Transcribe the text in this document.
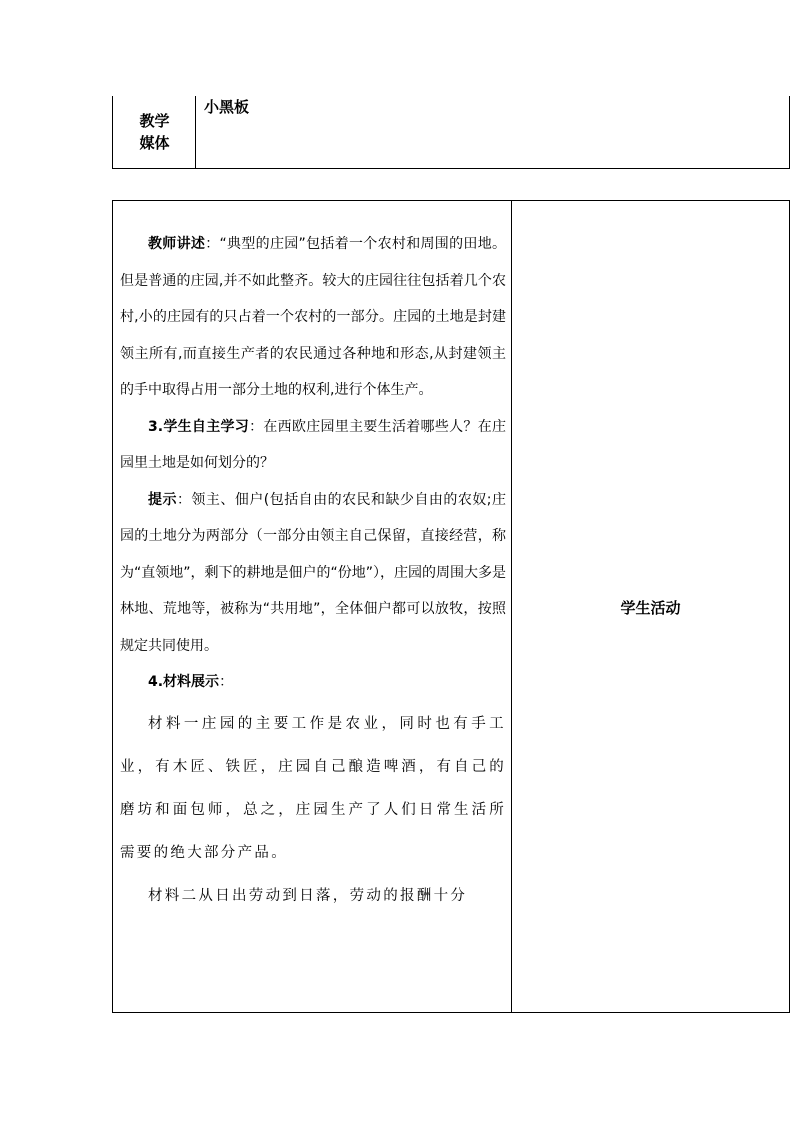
教学
媒体
小黑板

教师讲述：“典型的庄园”包括着一个农村和周围的田地。但是普通的庄园,并不如此整齐。较大的庄园往往包括着几个农村,小的庄园有的只占着一个农村的一部分。庄园的土地是封建领主所有,而直接生产者的农民通过各种地和形态,从封建领主的手中取得占用一部分土地的权利,进行个体生产。

3.学生自主学习：在西欧庄园里主要生活着哪些人？在庄园里土地是如何划分的？

提示：领主、佃户(包括自由的农民和缺少自由的农奴;庄园的土地分为两部分（一部分由领主自己保留，直接经营，称为“直领地”，剩下的耕地是佃户的“份地”），庄园的周围大多是林地、荒地等，被称为“共用地”，全体佃户都可以放牧，按照规定共同使用。

4.材料展示：

材料一庄园的主要工作是农业，同时也有手工业，有木匠、铁匠，庄园自己酿造啤酒，有自己的磨坊和面包师，总之，庄园生产了人们日常生活所需要的绝大部分产品。

材料二从日出劳动到日落，劳动的报酬十分

学生活动
